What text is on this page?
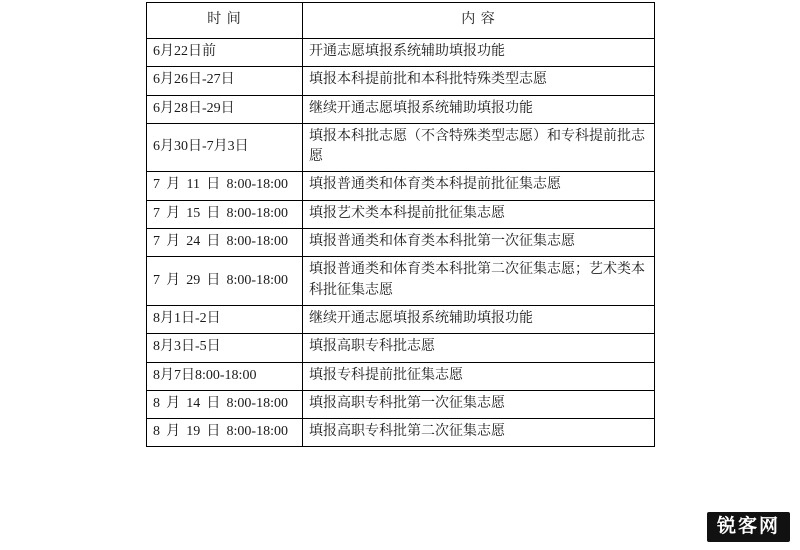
时 间	内 容
6月22日前	开通志愿填报系统辅助填报功能
6月26日-27日	填报本科提前批和本科批特殊类型志愿
6月28日-29日	继续开通志愿填报系统辅助填报功能
6月30日-7月3日	填报本科批志愿（不含特殊类型志愿）和专科提前批志愿
7月11日8:00-18:00	填报普通类和体育类本科提前批征集志愿
7月15日8:00-18:00	填报艺术类本科提前批征集志愿
7月24日8:00-18:00	填报普通类和体育类本科批第一次征集志愿
7月29日8:00-18:00	填报普通类和体育类本科批第二次征集志愿；艺术类本科批征集志愿
8月1日-2日	继续开通志愿填报系统辅助填报功能
8月3日-5日	填报高职专科批志愿
8月7日8:00-18:00	填报专科提前批征集志愿
8月14日8:00-18:00	填报高职专科批第一次征集志愿
8月19日8:00-18:00	填报高职专科批第二次征集志愿
锐客网
